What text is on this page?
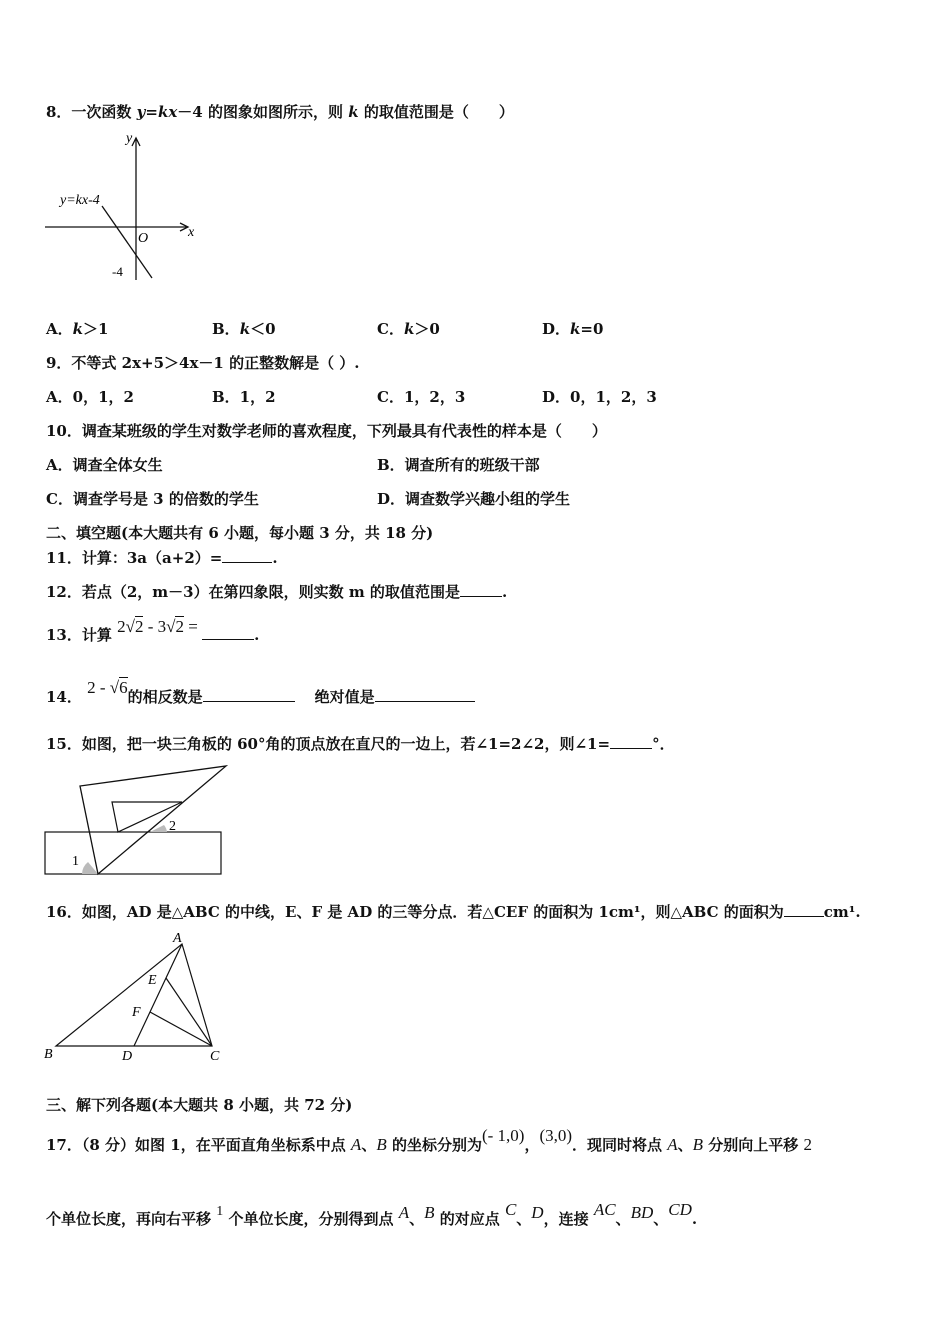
8．一次函数 y=kx－4 的图象如图所示，则 k 的取值范围是（　　）
y
x
O
y=kx-4
-4
A．k＞1	B．k＜0	C．k＞0	D．k=0
9．不等式 2x+5＞4x－1 的正整数解是（ ）.
A．0，1，2	B．1，2	C．1，2，3	D．0，1，2，3
10．调查某班级的学生对数学老师的喜欢程度，下列最具有代表性的样本是（　　）
A．调查全体女生	B．调查所有的班级干部
C．调查学号是 3 的倍数的学生	D．调查数学兴趣小组的学生
二、填空题(本大题共有 6 小题，每小题 3 分，共 18 分)
11．计算：3a（a+2）=	.
12．若点（2，m－3）在第四象限，则实数 m 的取值范围是	.
13．计算 2√2 - 3√2 =	.
14． 2 - √6的相反数是	绝对值是
15．如图，把一块三角板的 60°角的顶点放在直尺的一边上，若∠1=2∠2，则∠1=	°．
1
2
16．如图，AD 是△ABC 的中线，E、F 是 AD 的三等分点．若△CEF 的面积为 1cm¹，则△ABC 的面积为	cm¹.
A
B	C
D
E
F
三、解下列各题(本大题共 8 小题，共 72 分)
17．（8 分）如图 1，在平面直角坐标系中点 A、B 的坐标分别为(- 1,0)，(3,0)．现同时将点 A、B 分别向上平移 2
个单位长度，再向右平移 1 个单位长度，分别得到点 A、B 的对应点 C、D，连接 AC、BD、CD.
